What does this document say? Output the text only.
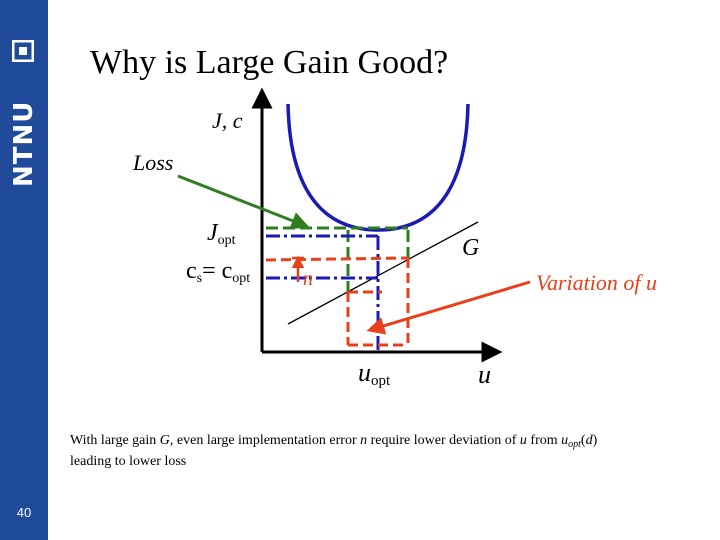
NTNU
40
Why is Large Gain Good?
J, c
Loss
$J_{opt}$
$c_s= c_{opt}$
G
n	Variation of u
$u_{opt}$	u
With large gain G, even large implementation error n require lower deviation of u from $u_{opt}(d)$
leading to lower loss
